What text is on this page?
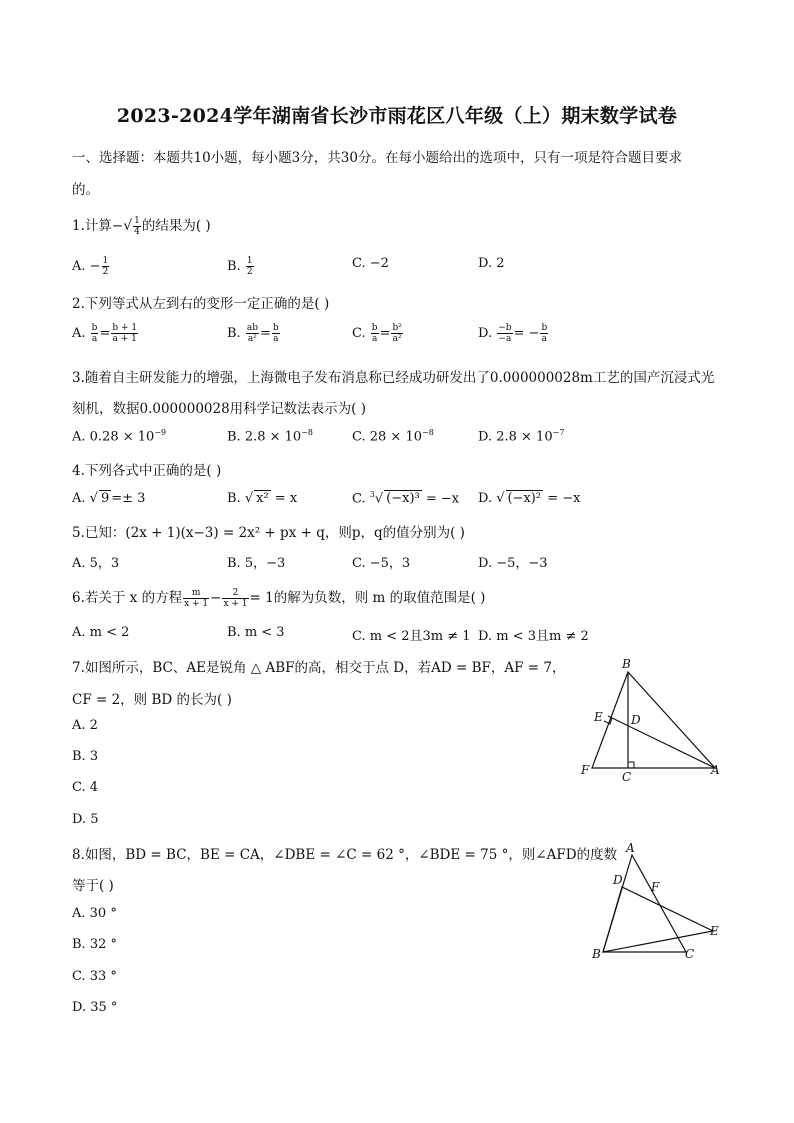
2023-2024学年湖南省长沙市雨花区八年级（上）期末数学试卷
一、选择题：本题共10小题，每小题3分，共30分。在每小题给出的选项中，只有一项是符合题目要求
的。
1.计算−√ $\frac{1}{4}$ 的结果为( )
A. − $\frac{1}{2}$	B. $\frac{1}{2}$	C. −2	D. 2
2.下列等式从左到右的变形一定正确的是( )
A. $\frac{b}{a} = \frac{b + 1}{a + 1}$	B. $\frac{ab}{\text{a²}} = \frac{b}{a}$	C. $\frac{b}{a} = \frac{\text{b²}}{\text{a²}}$	D. $\frac{-b}{-a}$ = − $\frac{b}{a}$
3.随着自主研发能力的增强，上海微电子发布消息称已经成功研发出了0.000000028m工艺的国产沉浸式光
刻机，数据0.000000028用科学记数法表示为( )
A. $0.28 \times 10^{-9}$	B. $2.8 \times 10^{-8}$	C. $28 \times 10^{-8}$	D. $2.8 \times 10^{-7}$
4.下列各式中正确的是( )
A. √ 9 =± 3	B. √ x² = x	C. $^3$√ (−x)³ = −x D. √ (−x)² = −x
5.已知：(2x + 1)(x−3) = 2x² + px + q，则p，q的值分别为( )
A. 5，3	B. 5，−3	C. −5，3	D. −5，−3
6.若关于 x 的方程 $\frac{m}{x + 1} - \frac{2}{x + 1} = 1$的解为负数，则 m 的取值范围是( )
A. m < 2	B. m < 3	C. m < 2且3m ≠ 1 D. m < 3且m ≠ 2
7.如图所示，BC、AE是锐角 △ ABF的高，相交于点 D，若AD = BF，AF = 7，
CF = 2，则 BD 的长为( )
A. 2
B. 3
C. 4
D. 5
B
E D
F	C	A
8.如图，BD = BC，BE = CA，∠DBE = ∠C = 62 °，∠BDE = 75 °，则∠AFD的度数
等于( )
A. 30 °
B. 32 °
C. 33 °
D. 35 °
A
D F
E
B	C
